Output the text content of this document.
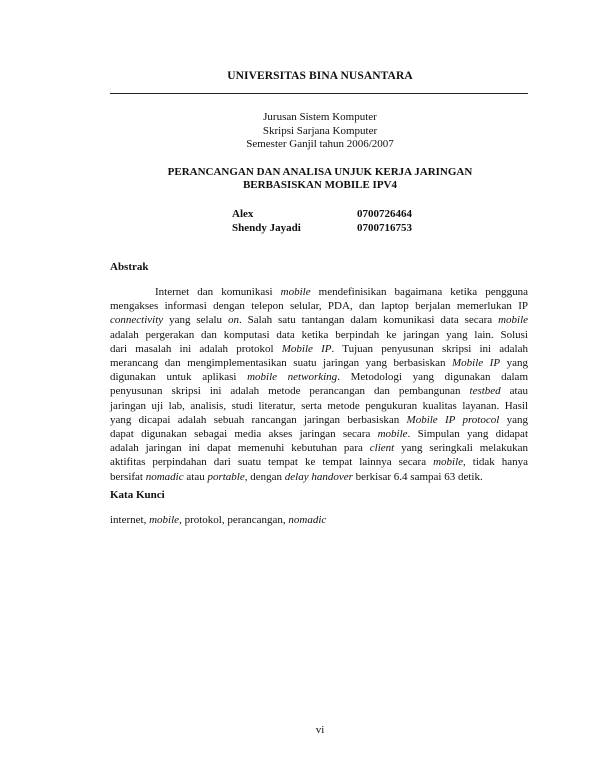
UNIVERSITAS BINA NUSANTARA
Jurusan Sistem Komputer
Skripsi Sarjana Komputer
Semester Ganjil tahun 2006/2007
PERANCANGAN DAN ANALISA UNJUK KERJA JARINGAN
BERBASISKAN MOBILE IPV4
Alex	0700726464
Shendy Jayadi	0700716753
Abstrak
Internet dan komunikasi mobile mendefinisikan bagaimana ketika pengguna
mengakses informasi dengan telepon selular, PDA, dan laptop berjalan memerlukan IP
connectivity yang selalu on. Salah satu tantangan dalam komunikasi data secara mobile
adalah pergerakan dan komputasi data ketika berpindah ke jaringan yang lain. Solusi
dari masalah ini adalah protokol Mobile IP. Tujuan penyusunan skripsi ini adalah
merancang dan mengimplementasikan suatu jaringan yang berbasiskan Mobile IP yang
digunakan untuk aplikasi mobile networking. Metodologi yang digunakan dalam
penyusunan skripsi ini adalah metode perancangan dan pembangunan testbed atau
jaringan uji lab, analisis, studi literatur, serta metode pengukuran kualitas layanan. Hasil
yang dicapai adalah sebuah rancangan jaringan berbasiskan Mobile IP protocol yang
dapat digunakan sebagai media akses jaringan secara mobile. Simpulan yang didapat
adalah jaringan ini dapat memenuhi kebutuhan para client yang seringkali melakukan
aktifitas perpindahan dari suatu tempat ke tempat lainnya secara mobile, tidak hanya
bersifat nomadic atau portable, dengan delay handover berkisar 6.4 sampai 63 detik.
Kata Kunci
internet, mobile, protokol, perancangan, nomadic
vi
